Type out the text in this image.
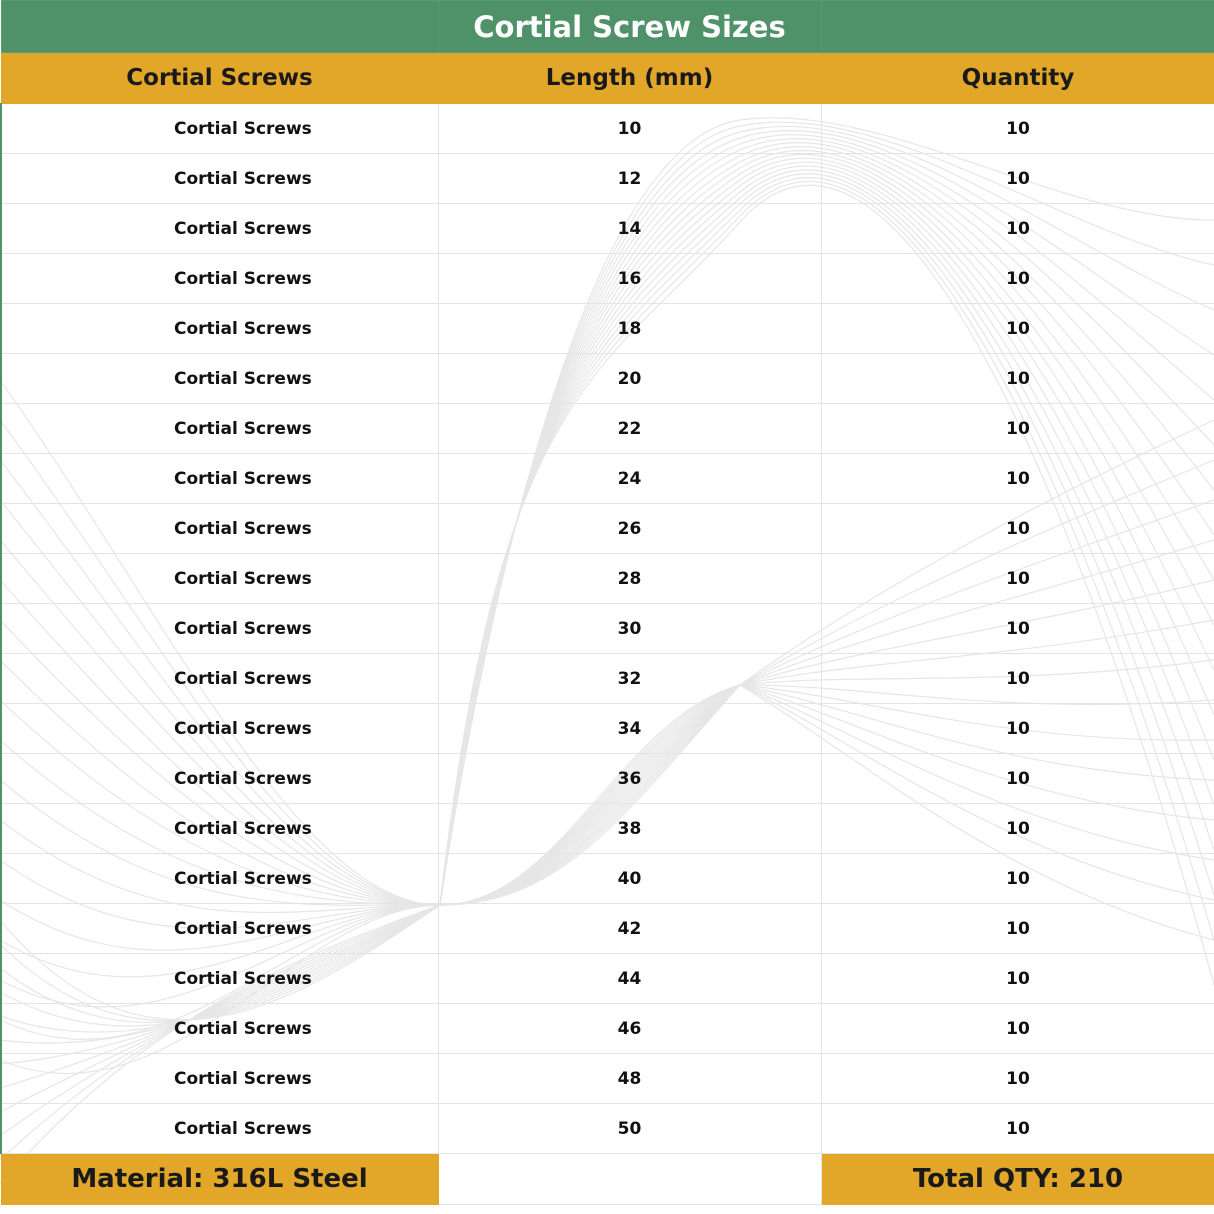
	Cortial Screw Sizes	
Cortial Screws	Length (mm)	Quantity
Cortial Screws	10	10
Cortial Screws	12	10
Cortial Screws	14	10
Cortial Screws	16	10
Cortial Screws	18	10
Cortial Screws	20	10
Cortial Screws	22	10
Cortial Screws	24	10
Cortial Screws	26	10
Cortial Screws	28	10
Cortial Screws	30	10
Cortial Screws	32	10
Cortial Screws	34	10
Cortial Screws	36	10
Cortial Screws	38	10
Cortial Screws	40	10
Cortial Screws	42	10
Cortial Screws	44	10
Cortial Screws	46	10
Cortial Screws	48	10
Cortial Screws	50	10
Material: 316L Steel		Total QTY: 210
